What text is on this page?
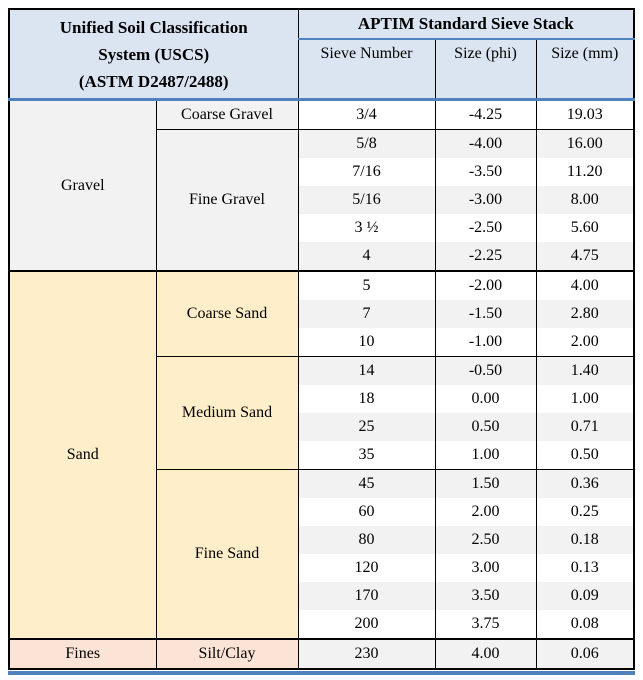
Unified Soil Classification
System (USCS)
(ASTM D2487/2488)		APTIM Standard Sieve Stack		
		Sieve Number	Size (phi)	Size (mm)
Gravel	Coarse Gravel	3/4	-4.25	19.03
	Fine Gravel	5/8	-4.00	16.00
		7/16	-3.50	11.20
		5/16	-3.00	8.00
		3 ½	-2.50	5.60
		4	-2.25	4.75
Sand	Coarse Sand	5	-2.00	4.00
		7	-1.50	2.80
		10	-1.00	2.00
	Medium Sand	14	-0.50	1.40
		18	0.00	1.00
		25	0.50	0.71
		35	1.00	0.50
	Fine Sand	45	1.50	0.36
		60	2.00	0.25
		80	2.50	0.18
		120	3.00	0.13
		170	3.50	0.09
		200	3.75	0.08
Fines	Silt/Clay	230	4.00	0.06
